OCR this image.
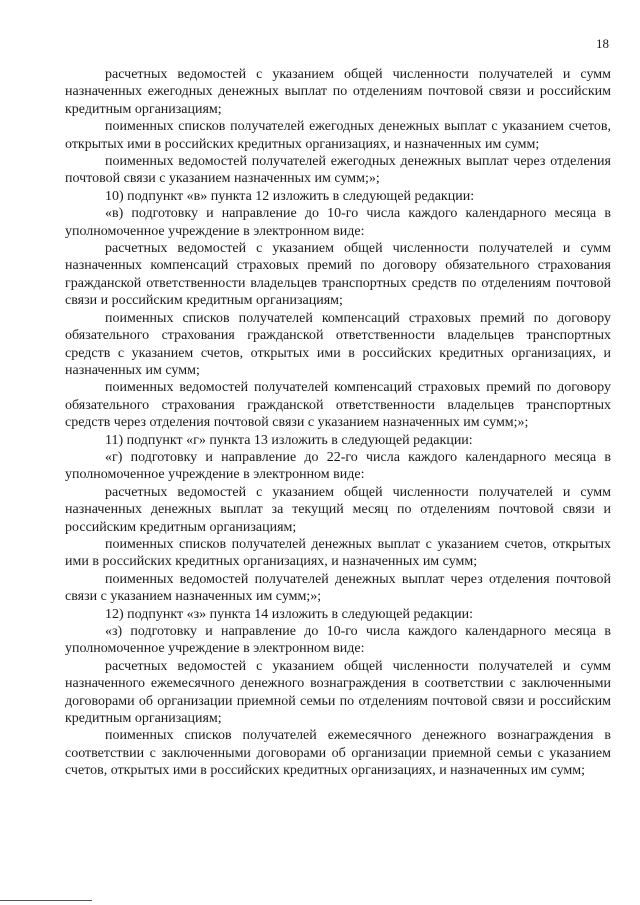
18

расчетных ведомостей с указанием общей численности получателей и сумм назначенных ежегодных денежных выплат по отделениям почтовой связи и российским кредитным организациям;

поименных списков получателей ежегодных денежных выплат с указанием счетов, открытых ими в российских кредитных организациях, и назначенных им сумм;

поименных ведомостей получателей ежегодных денежных выплат через отделения почтовой связи с указанием назначенных им сумм;»;

10) подпункт «в» пункта 12 изложить в следующей редакции:

«в) подготовку и направление до 10-го числа каждого календарного месяца в уполномоченное учреждение в электронном виде:

расчетных ведомостей с указанием общей численности получателей и сумм назначенных компенсаций страховых премий по договору обязательного страхования гражданской ответственности владельцев транспортных средств по отделениям почтовой связи и российским кредитным организациям;

поименных списков получателей компенсаций страховых премий по договору обязательного страхования гражданской ответственности владельцев транспортных средств с указанием счетов, открытых ими в российских кредитных организациях, и назначенных им сумм;

поименных ведомостей получателей компенсаций страховых премий по договору обязательного страхования гражданской ответственности владельцев транспортных средств через отделения почтовой связи с указанием назначенных им сумм;»;

11) подпункт «г» пункта 13 изложить в следующей редакции:

«г) подготовку и направление до 22-го числа каждого календарного месяца в уполномоченное учреждение в электронном виде:

расчетных ведомостей с указанием общей численности получателей и сумм назначенных денежных выплат за текущий месяц по отделениям почтовой связи и российским кредитным организациям;

поименных списков получателей денежных выплат с указанием счетов, открытых ими в российских кредитных организациях, и назначенных им сумм;

поименных ведомостей получателей денежных выплат через отделения почтовой связи с указанием назначенных им сумм;»;

12) подпункт «з» пункта 14 изложить в следующей редакции:

«з) подготовку и направление до 10-го числа каждого календарного месяца в уполномоченное учреждение в электронном виде:

расчетных ведомостей с указанием общей численности получателей и сумм назначенного ежемесячного денежного вознаграждения в соответствии с заключенными договорами об организации приемной семьи по отделениям почтовой связи и российским кредитным организациям;

поименных списков получателей ежемесячного денежного вознаграждения в соответствии с заключенными договорами об организации приемной семьи с указанием счетов, открытых ими в российских кредитных организациях, и назначенных им сумм;
